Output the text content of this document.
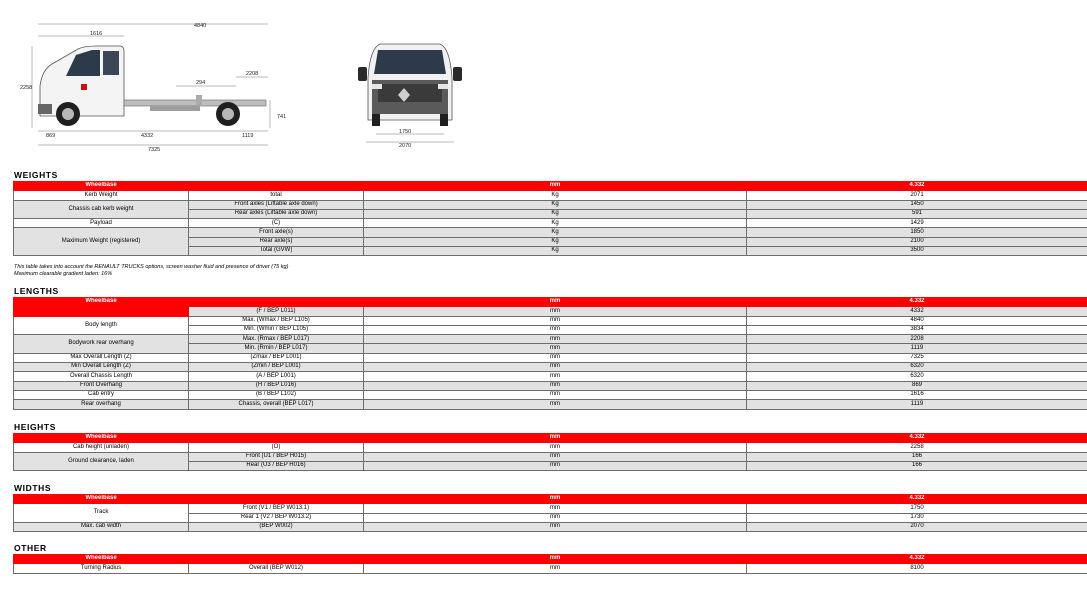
4840
1616
294
2208
2258
741
869	4332	1119
7325
1750
2070
WEIGHTS
Wheelbase		mm	4.332
Kerb Weight	total	Kg	2071
Chassis cab kerb weight	Front axles (Liftable axle down)	Kg	1450
	Rear axles (Liftable axle down)	Kg	591
Payload	(C)	Kg	1429
Maximum Weight (registered)	Front axle(s)	Kg	1850
	Rear axle(s)	Kg	2100
	Total (GVW)	Kg	3500
This table takes into account the RENAULT TRUCKS options, screen washer fluid and presence of driver (75 kg)
Maximum clearable gradient laden: 16%
LENGTHS
Wheelbase		mm	4.332
	(F / BEP L011)	mm	4332
Body length	Max. (Wmax / BEP L105)	mm	4840
	Min. (Wmin / BEP L105)	mm	3834
Bodywork rear overhang	Max. (Rmax / BEP L017)	mm	2208
	Min. (Rmin / BEP L017)	mm	1119
Max Overall Length (Z)	(Zmax / BEP L001)	mm	7325
Min Overall Length (Z)	(Zmin / BEP L001)	mm	6320
Overall Chassis Length	(A / BEP L001)	mm	6320
Front Overhang	(H / BEP L016)	mm	869
Cab entry	(B / BEP L102)	mm	1616
Rear overhang	Chassis, overall (BEP L017)	mm	1119
HEIGHTS
Wheelbase		mm	4.332
Cab height (unladen)	(O)	mm	2258
Ground clearance, laden	Front (U1 / BEP H015)	mm	166
	Rear (U3 / BEP H016)	mm	166
WIDTHS
Wheelbase		mm	4.332
Track	Front (V1 / BEP W013.1)	mm	1750
	Rear 1 (V2 / BEP W013.2)	mm	1730
Max. cab width	(BEP W002)	mm	2070
OTHER
Wheelbase		mm	4.332
Turning Radius	Overall (BEP W012)	mm	8100
